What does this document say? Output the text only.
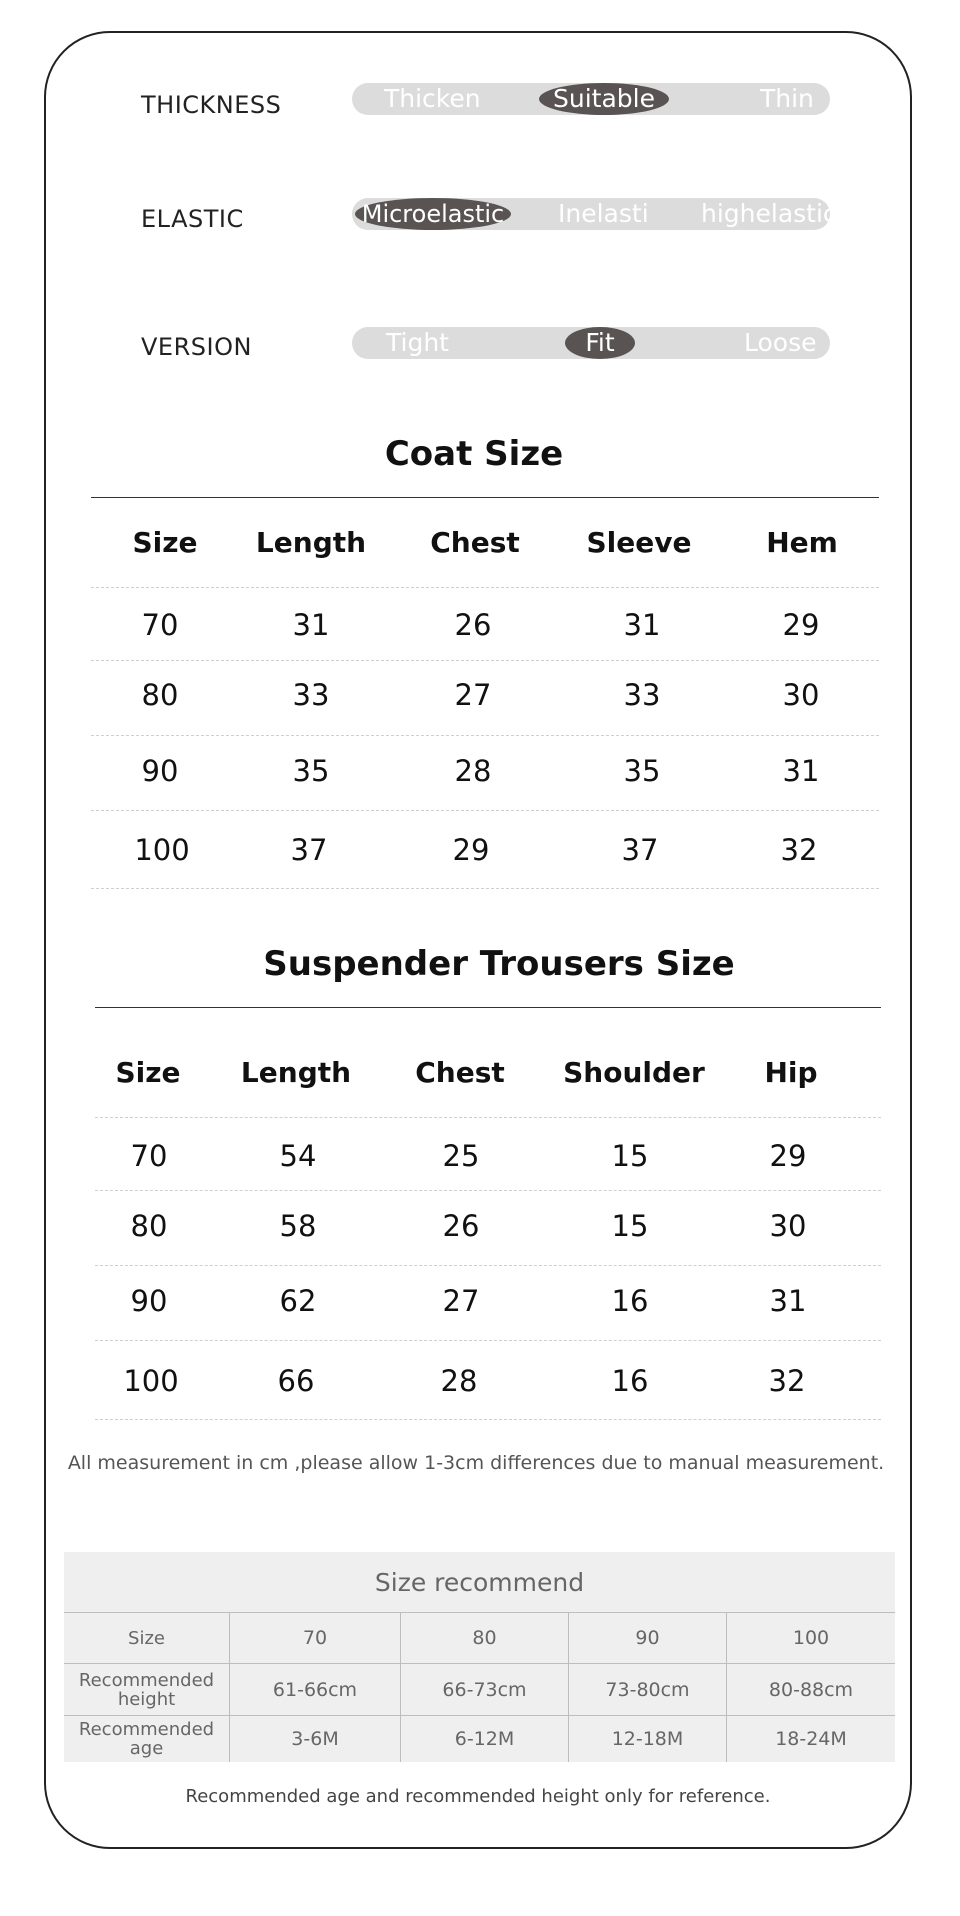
THICKNESS	Thicken	Suitable	Thin
ELASTIC	Microelastic Inelasti highelastic
VERSION	Tight	Fit	Loose
Coat Size
Size	Length	Chest	Sleeve	Hem
70	31	26	31	29
80	33	27	33	30
90	35	28	35	31
100	37	29	37	32
Suspender Trousers Size
Size	Length	Chest	Shoulder	Hip
70	54	25	15	29
80	58	26	15	30
90	62	27	16	31
100	66	28	16	32
All measurement in cm ,please allow 1-3cm differences due to manual measurement.
Size recommend				
Size	70	80	90	100
Recommended height	61-66cm	66-73cm	73-80cm	80-88cm
Recommended age	3-6M	6-12M	12-18M	18-24M
Recommended age and recommended height only for reference.
